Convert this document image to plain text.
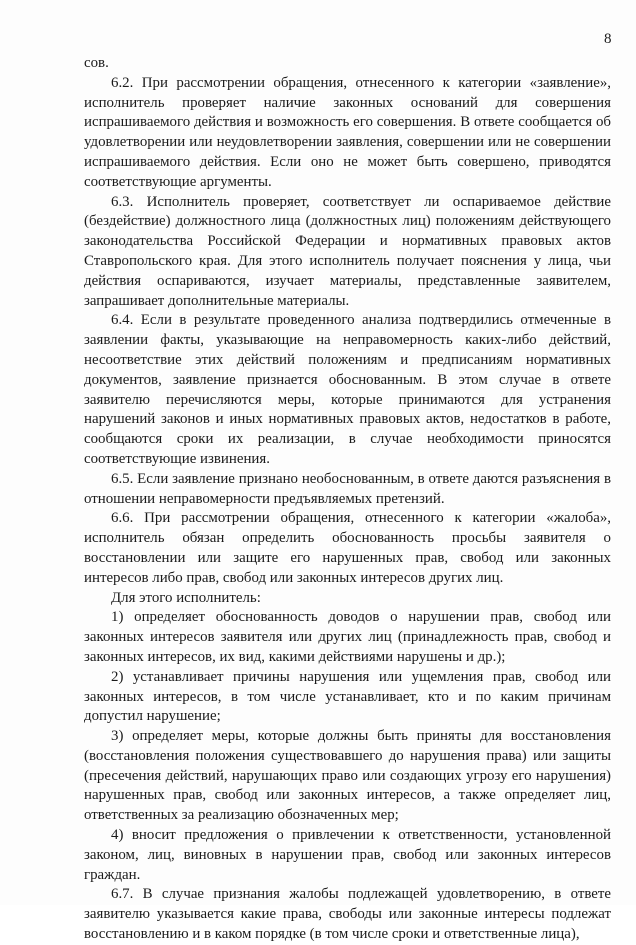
8

сов.

6.2. При рассмотрении обращения, отнесенного к категории «заявление», исполнитель проверяет наличие законных оснований для совершения испрашиваемого действия и возможность его совершения. В ответе сообщается об удовлетворении или неудовлетворении заявления, совершении или не совершении испрашиваемого действия. Если оно не может быть совершено, приводятся соответствующие аргументы.

6.3. Исполнитель проверяет, соответствует ли оспариваемое действие (бездействие) должностного лица (должностных лиц) положениям действующего законодательства Российской Федерации и нормативных правовых актов Ставропольского края. Для этого исполнитель получает пояснения у лица, чьи действия оспариваются, изучает материалы, представленные заявителем, запрашивает дополнительные материалы.

6.4. Если в результате проведенного анализа подтвердились отмеченные в заявлении факты, указывающие на неправомерность каких-либо действий, несоответствие этих действий положениям и предписаниям нормативных документов, заявление признается обоснованным. В этом случае в ответе заявителю перечисляются меры, которые принимаются для устранения нарушений законов и иных нормативных правовых актов, недостатков в работе, сообщаются сроки их реализации, в случае необходимости приносятся соответствующие извинения.

6.5. Если заявление признано необоснованным, в ответе даются разъяснения в отношении неправомерности предъявляемых претензий.

6.6. При рассмотрении обращения, отнесенного к категории «жалоба», исполнитель обязан определить обоснованность просьбы заявителя о восстановлении или защите его нарушенных прав, свобод или законных интересов либо прав, свобод или законных интересов других лиц.

Для этого исполнитель:

1) определяет обоснованность доводов о нарушении прав, свобод или законных интересов заявителя или других лиц (принадлежность прав, свобод и законных интересов, их вид, какими действиями нарушены и др.);

2) устанавливает причины нарушения или ущемления прав, свобод или законных интересов, в том числе устанавливает, кто и по каким причинам допустил нарушение;

3) определяет меры, которые должны быть приняты для восстановления (восстановления положения существовавшего до нарушения права) или защиты (пресечения действий, нарушающих право или создающих угрозу его нарушения) нарушенных прав, свобод или законных интересов, а также определяет лиц, ответственных за реализацию обозначенных мер;

4) вносит предложения о привлечении к ответственности, установленной законом, лиц, виновных в нарушении прав, свобод или законных интересов граждан.

6.7. В случае признания жалобы подлежащей удовлетворению, в ответе заявителю указывается какие права, свободы или законные интересы подлежат восстановлению и в каком порядке (в том числе сроки и ответственные лица),
